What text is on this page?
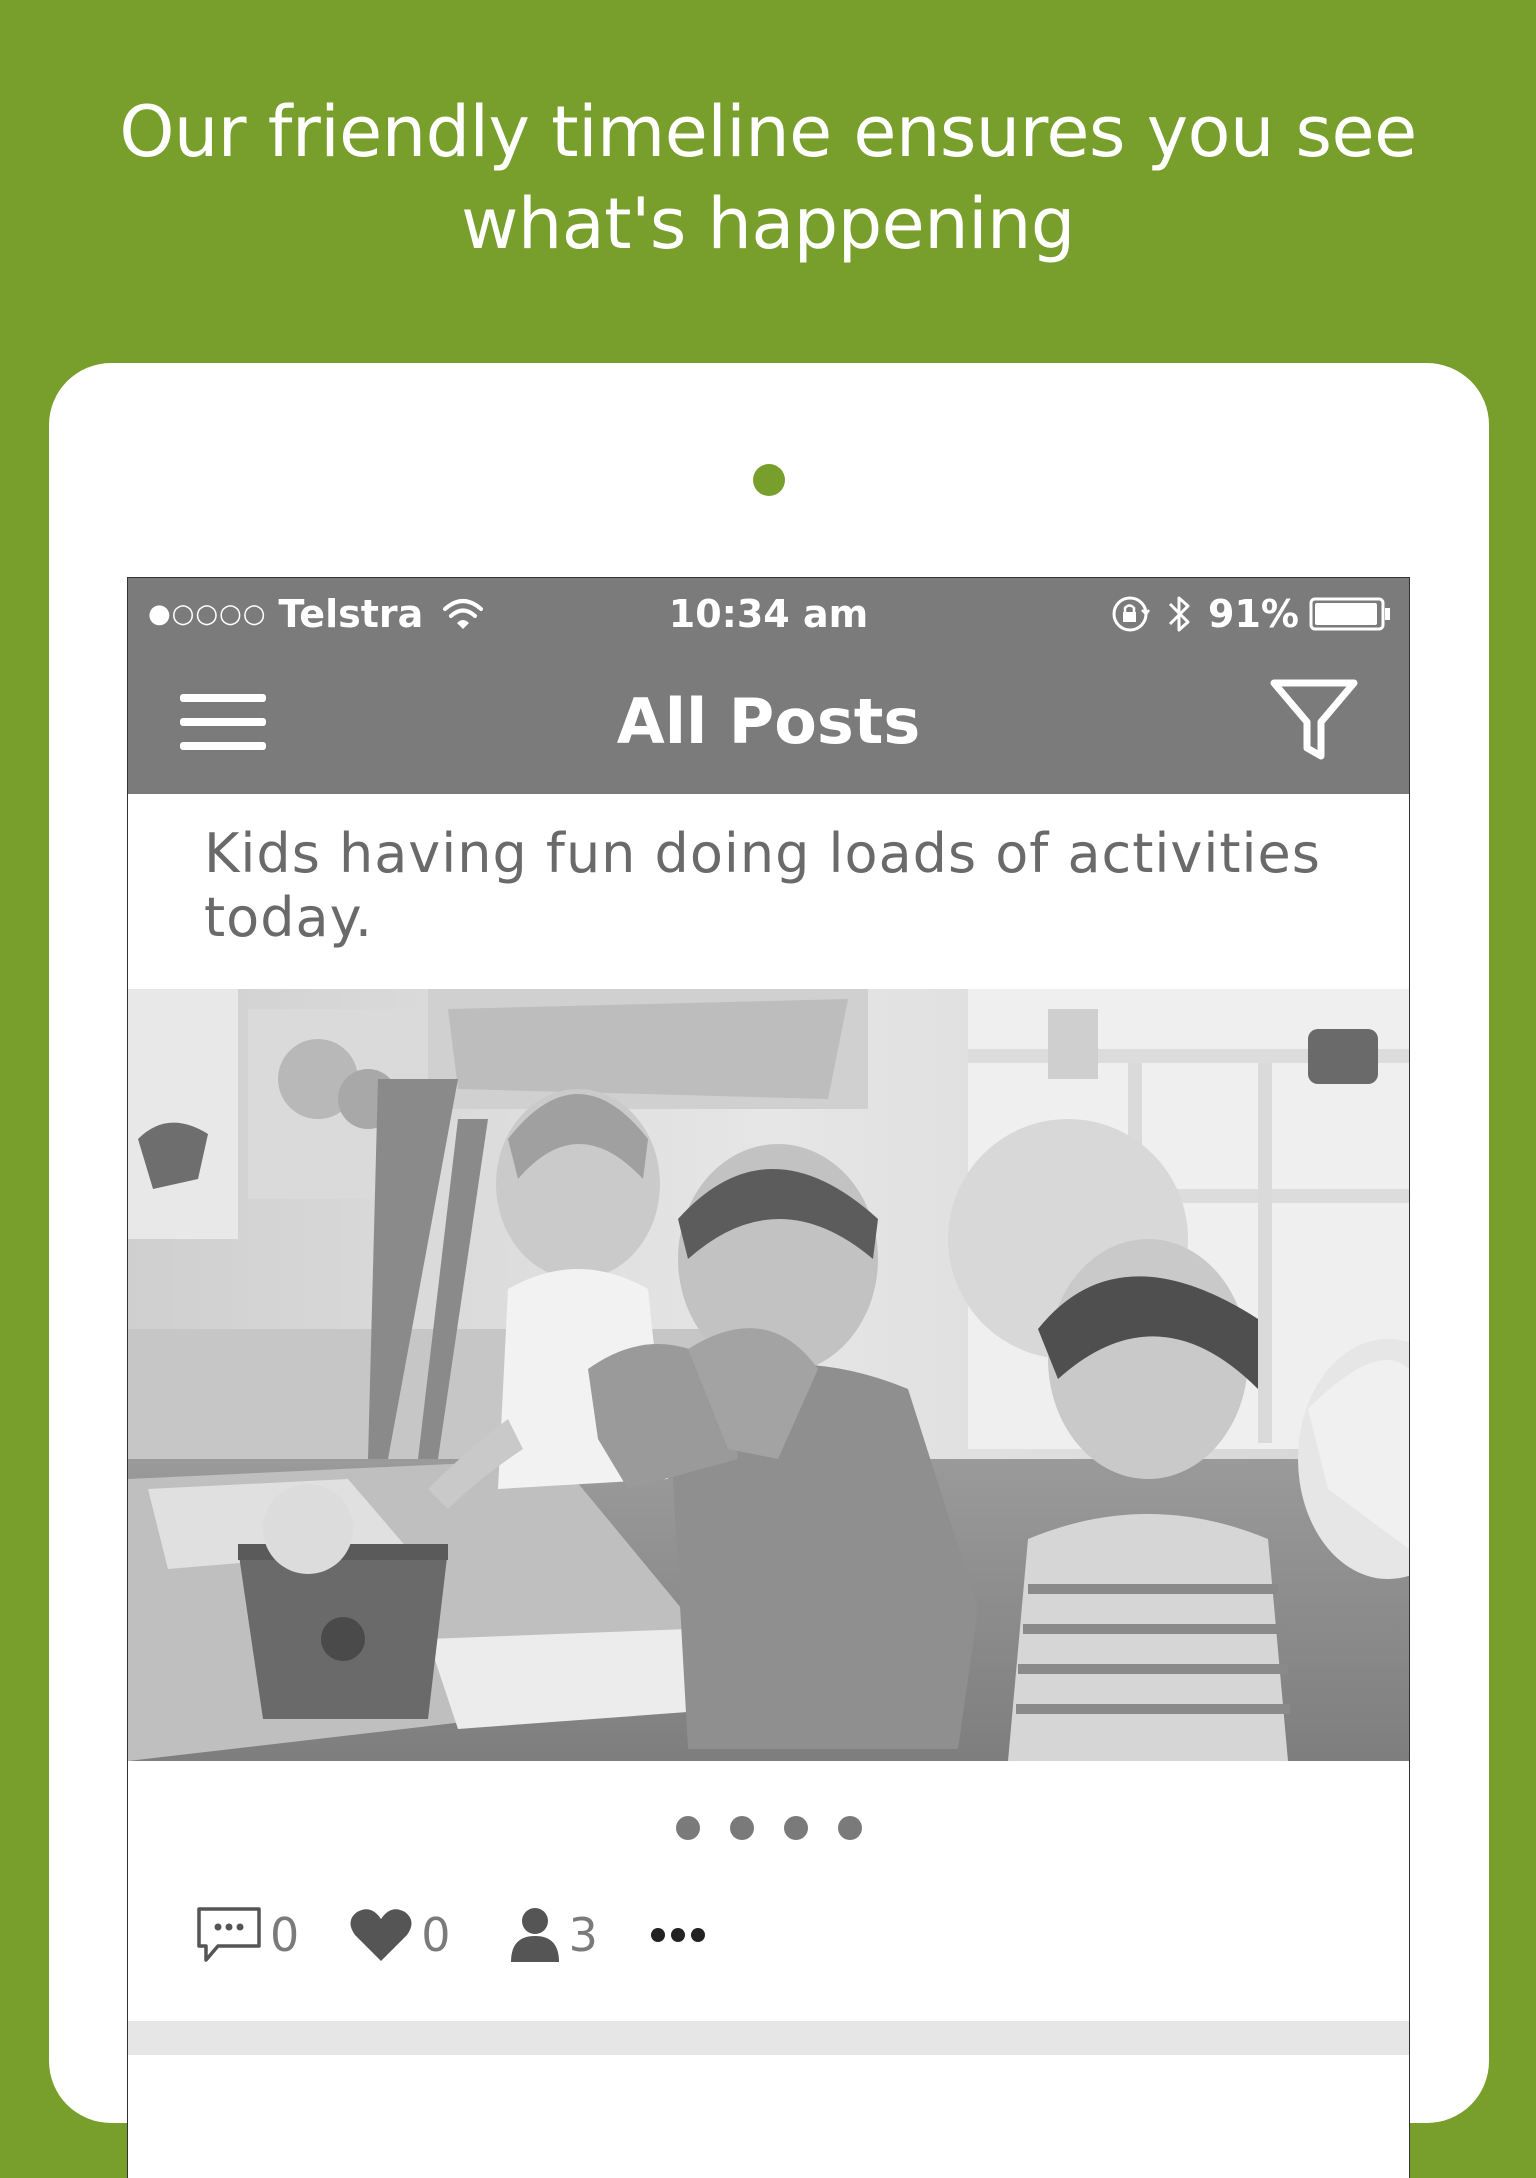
Our friendly timeline ensures you see
what's happening
●○○○○ Telstra	10:34 am	91%
All Posts
Kids having fun doing loads of activities today.
0	0	3
